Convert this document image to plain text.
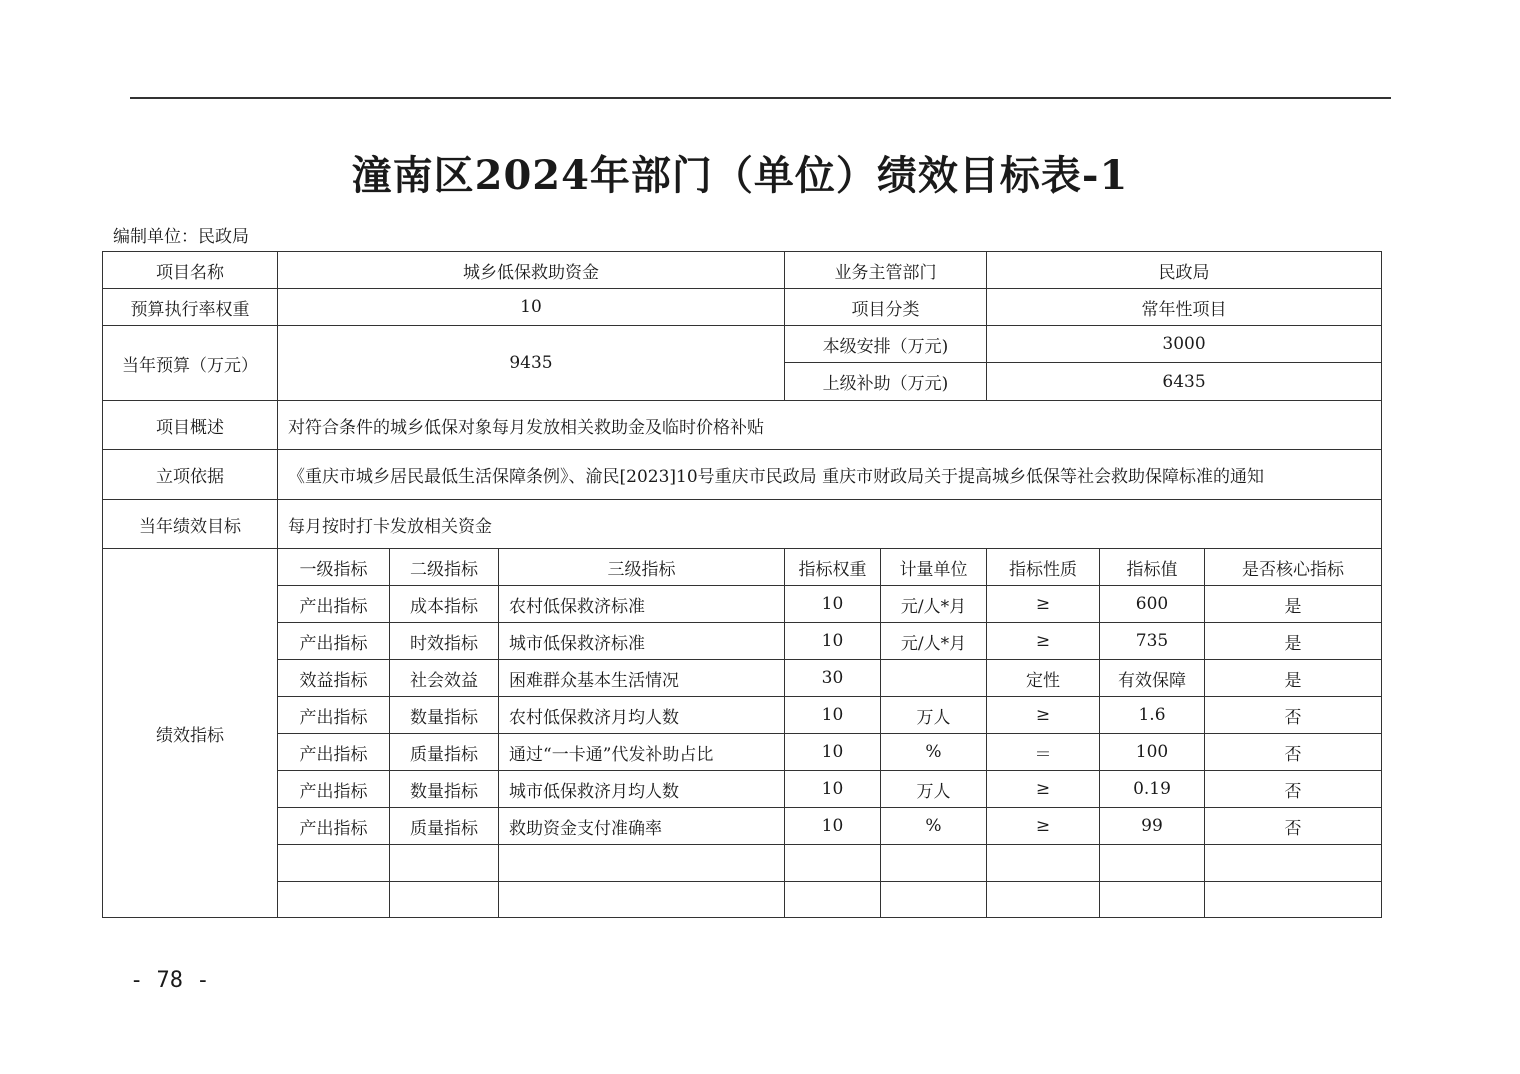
潼南区2024年部门（单位）绩效目标表-1
编制单位：民政局
项目名称	城乡低保救助资金			业务主管部门		民政局		
预算执行率权重	10			项目分类		常年性项目		
当年预算（万元）	9435			本级安排（万元)		3000		
				上级补助（万元)		6435		
项目概述	对符合条件的城乡低保对象每月发放相关救助金及临时价格补贴							
立项依据	《重庆市城乡居民最低生活保障条例》、渝民[2023]10号重庆市民政局 重庆市财政局关于提高城乡低保等社会救助保障标准的通知							
当年绩效目标	每月按时打卡发放相关资金							
绩效指标	一级指标	二级指标	三级指标	指标权重	计量单位	指标性质	指标值	是否核心指标
	产出指标	成本指标	农村低保救济标准	10	元/人*月	≥	600	是
	产出指标	时效指标	城市低保救济标准	10	元/人*月	≥	735	是
	效益指标	社会效益	困难群众基本生活情况	30		定性	有效保障	是
	产出指标	数量指标	农村低保救济月均人数	10	万人	≥	1.6	否
	产出指标	质量指标	通过“一卡通”代发补助占比	10	%	＝	100	否
	产出指标	数量指标	城市低保救济月均人数	10	万人	≥	0.19	否
	产出指标	质量指标	救助资金支付准确率	10	%	≥	99	否

- 78 -
